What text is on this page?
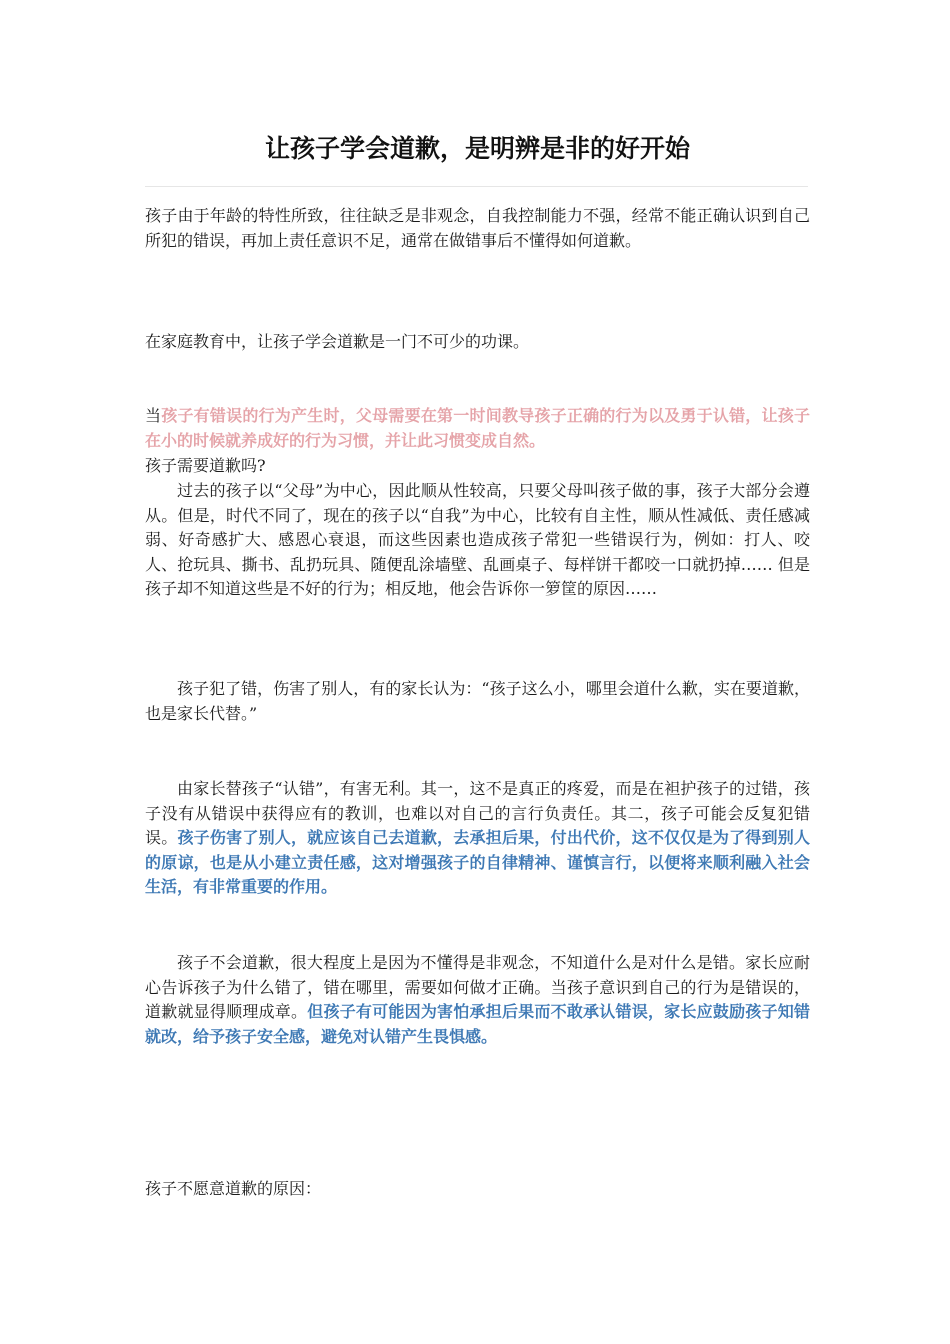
让孩子学会道歉，是明辨是非的好开始

孩子由于年龄的特性所致，往往缺乏是非观念，自我控制能力不强，经常不能正确认识到自己所犯的错误，再加上责任意识不足，通常在做错事后不懂得如何道歉。

在家庭教育中，让孩子学会道歉是一门不可少的功课。

当孩子有错误的行为产生时，父母需要在第一时间教导孩子正确的行为以及勇于认错，让孩子在小的时候就养成好的行为习惯，并让此习惯变成自然。

孩子需要道歉吗?

过去的孩子以“父母”为中心，因此顺从性较高，只要父母叫孩子做的事，孩子大部分会遵从。但是，时代不同了，现在的孩子以“自我”为中心，比较有自主性，顺从性减低、责任感减弱、好奇感扩大、感恩心衰退，而这些因素也造成孩子常犯一些错误行为，例如：打人、咬人、抢玩具、撕书、乱扔玩具、随便乱涂墙壁、乱画桌子、每样饼干都咬一口就扔掉…… 但是孩子却不知道这些是不好的行为；相反地，他会告诉你一箩筐的原因……

孩子犯了错，伤害了别人，有的家长认为：“孩子这么小，哪里会道什么歉，实在要道歉，也是家长代替。”

由家长替孩子“认错”，有害无利。其一，这不是真正的疼爱，而是在袒护孩子的过错，孩子没有从错误中获得应有的教训，也难以对自己的言行负责任。其二，孩子可能会反复犯错误。孩子伤害了别人，就应该自己去道歉，去承担后果，付出代价，这不仅仅是为了得到别人的原谅，也是从小建立责任感，这对增强孩子的自律精神、谨慎言行，以便将来顺利融入社会生活，有非常重要的作用。

孩子不会道歉，很大程度上是因为不懂得是非观念，不知道什么是对什么是错。家长应耐心告诉孩子为什么错了，错在哪里，需要如何做才正确。当孩子意识到自己的行为是错误的，道歉就显得顺理成章。但孩子有可能因为害怕承担后果而不敢承认错误，家长应鼓励孩子知错就改，给予孩子安全感，避免对认错产生畏惧感。

孩子不愿意道歉的原因：
